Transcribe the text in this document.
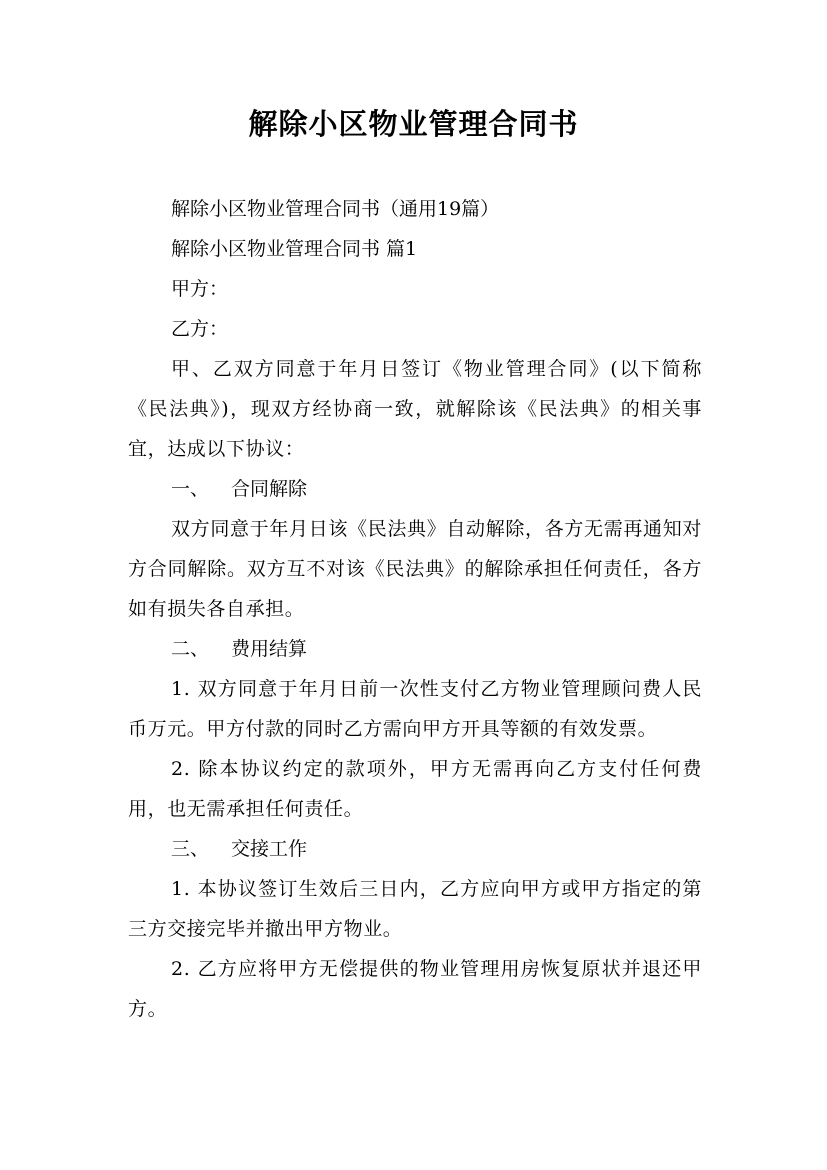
解除小区物业管理合同书

解除小区物业管理合同书（通用19篇）

解除小区物业管理合同书 篇1

甲方：

乙方：

甲、乙双方同意于年月日签订《物业管理合同》(以下简称《民法典》)，现双方经协商一致，就解除该《民法典》的相关事宜，达成以下协议：

一、 合同解除

双方同意于年月日该《民法典》自动解除，各方无需再通知对方合同解除。双方互不对该《民法典》的解除承担任何责任，各方如有损失各自承担。

二、 费用结算

1. 双方同意于年月日前一次性支付乙方物业管理顾问费人民币万元。甲方付款的同时乙方需向甲方开具等额的有效发票。

2. 除本协议约定的款项外，甲方无需再向乙方支付任何费用，也无需承担任何责任。

三、 交接工作

1. 本协议签订生效后三日内，乙方应向甲方或甲方指定的第三方交接完毕并撤出甲方物业。

2. 乙方应将甲方无偿提供的物业管理用房恢复原状并退还甲方。
